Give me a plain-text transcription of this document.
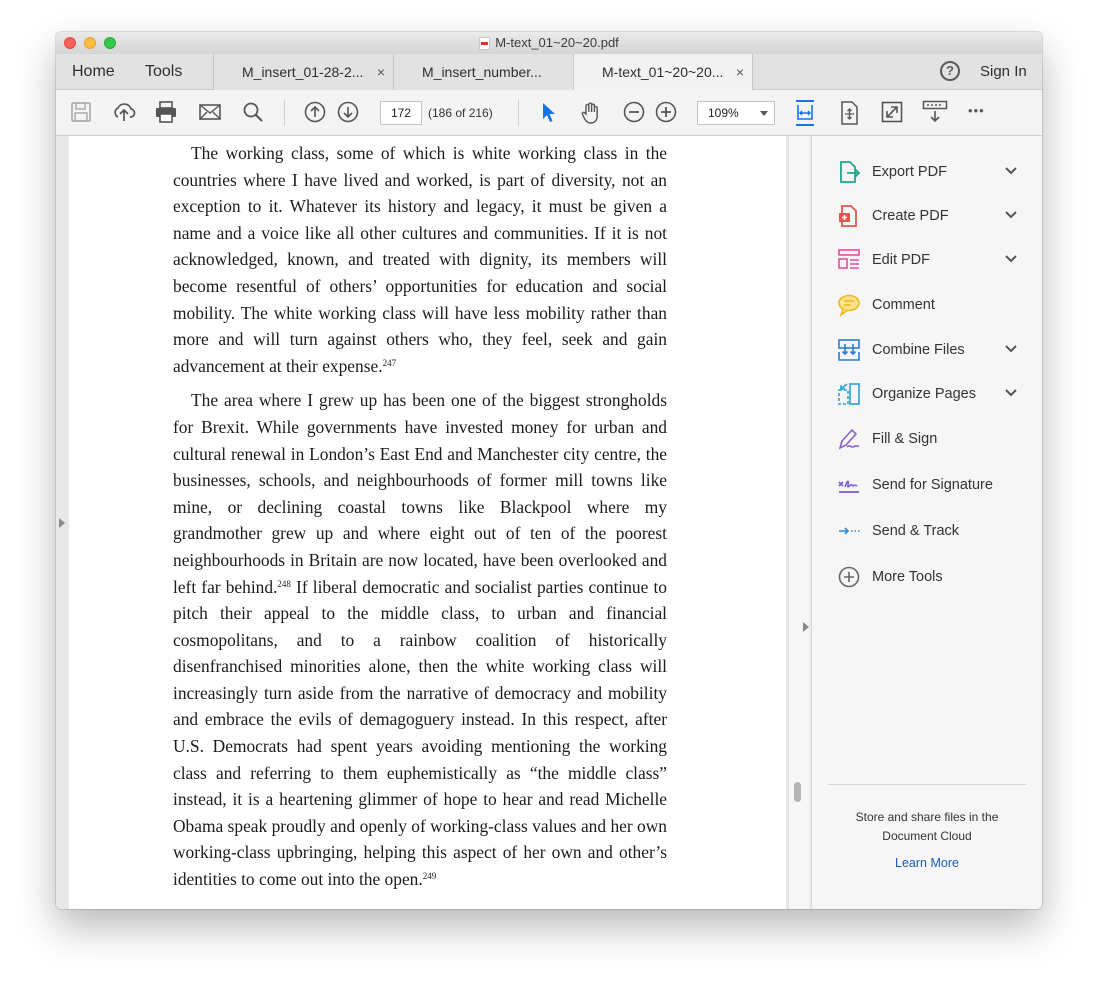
M-text_01~20~20.pdf
Home Tools	M_insert_01-28-2... ×	M_insert_number...	M-text_01~20~20... ×	?	Sign In
172	(186 of 216)	109%	•••

The working class, some of which is white working class in the countries where I have lived and worked, is part of diversity, not an exception to it. Whatever its history and legacy, it must be given a name and a voice like all other cultures and communities. If it is not acknowledged, known, and treated with dignity, its members will become resentful of others’ opportunities for education and social mobility. The white working class will have less mobility rather than more and will turn against others who, they feel, seek and gain advancement at their expense.$^{247}$

The area where I grew up has been one of the biggest strongholds for Brexit. While governments have invested money for urban and cultural renewal in London’s East End and Manchester city centre, the businesses, schools, and neighbourhoods of former mill towns like mine, or declining coastal towns like Blackpool where my grandmother grew up and where eight out of ten of the poorest neighbourhoods in Britain are now located, have been overlooked and left far behind.$^{248}$ If liberal democratic and socialist parties continue to pitch their appeal to the middle class, to urban and financial cosmopolitans, and to a rainbow coalition of historically disenfranchised minorities alone, then the white working class will increasingly turn aside from the narrative of democracy and mobility and embrace the evils of demagoguery instead. In this respect, after U.S. Democrats had spent years avoiding mentioning the working class and referring to them euphemistically as “the middle class” instead, it is a heartening glimmer of hope to hear and read Michelle Obama speak proudly and openly of working-class values and her own working-class upbringing, helping this aspect of her own and other’s identities to come out into the open.$^{249}$

Export PDF
Create PDF
Edit PDF
Comment
Combine Files
Organize Pages
Fill & Sign
Send for Signature
Send & Track
More Tools
Store and share files in the
Document Cloud
Learn More
